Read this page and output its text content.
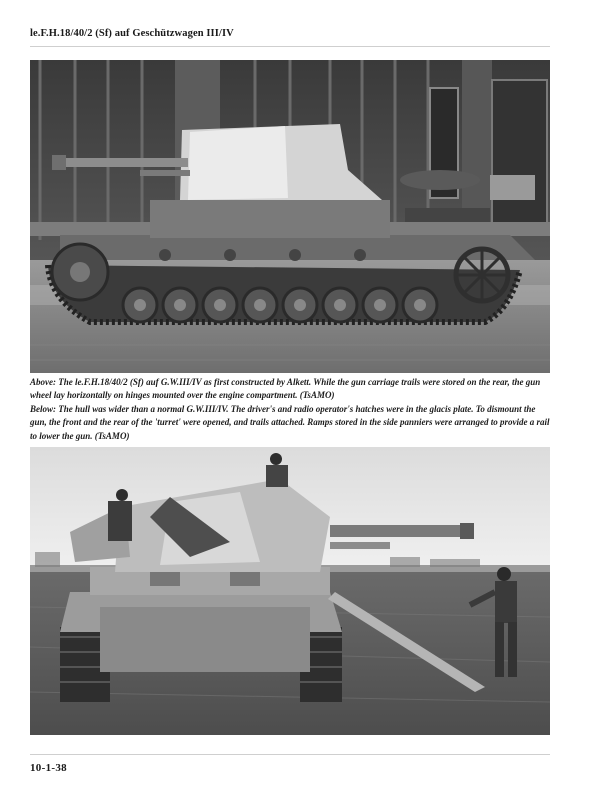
le.F.H.18/40/2 (Sf) auf Geschützwagen III/IV

Above: The le.F.H.18/40/2 (Sf) auf G.W.III/IV as first constructed by Alkett. While the gun carriage trails were stored on the rear, the gun wheel lay horizontally on hinges mounted over the engine compartment. (TsAMO)

Below: The hull was wider than a normal G.W.III/IV. The driver's and radio operator's hatches were in the glacis plate. To dismount the gun, the front and the rear of the 'turret' were opened, and trails attached. Ramps stored in the side panniers were arranged to provide a rail to lower the gun. (TsAMO)

10-1-38
